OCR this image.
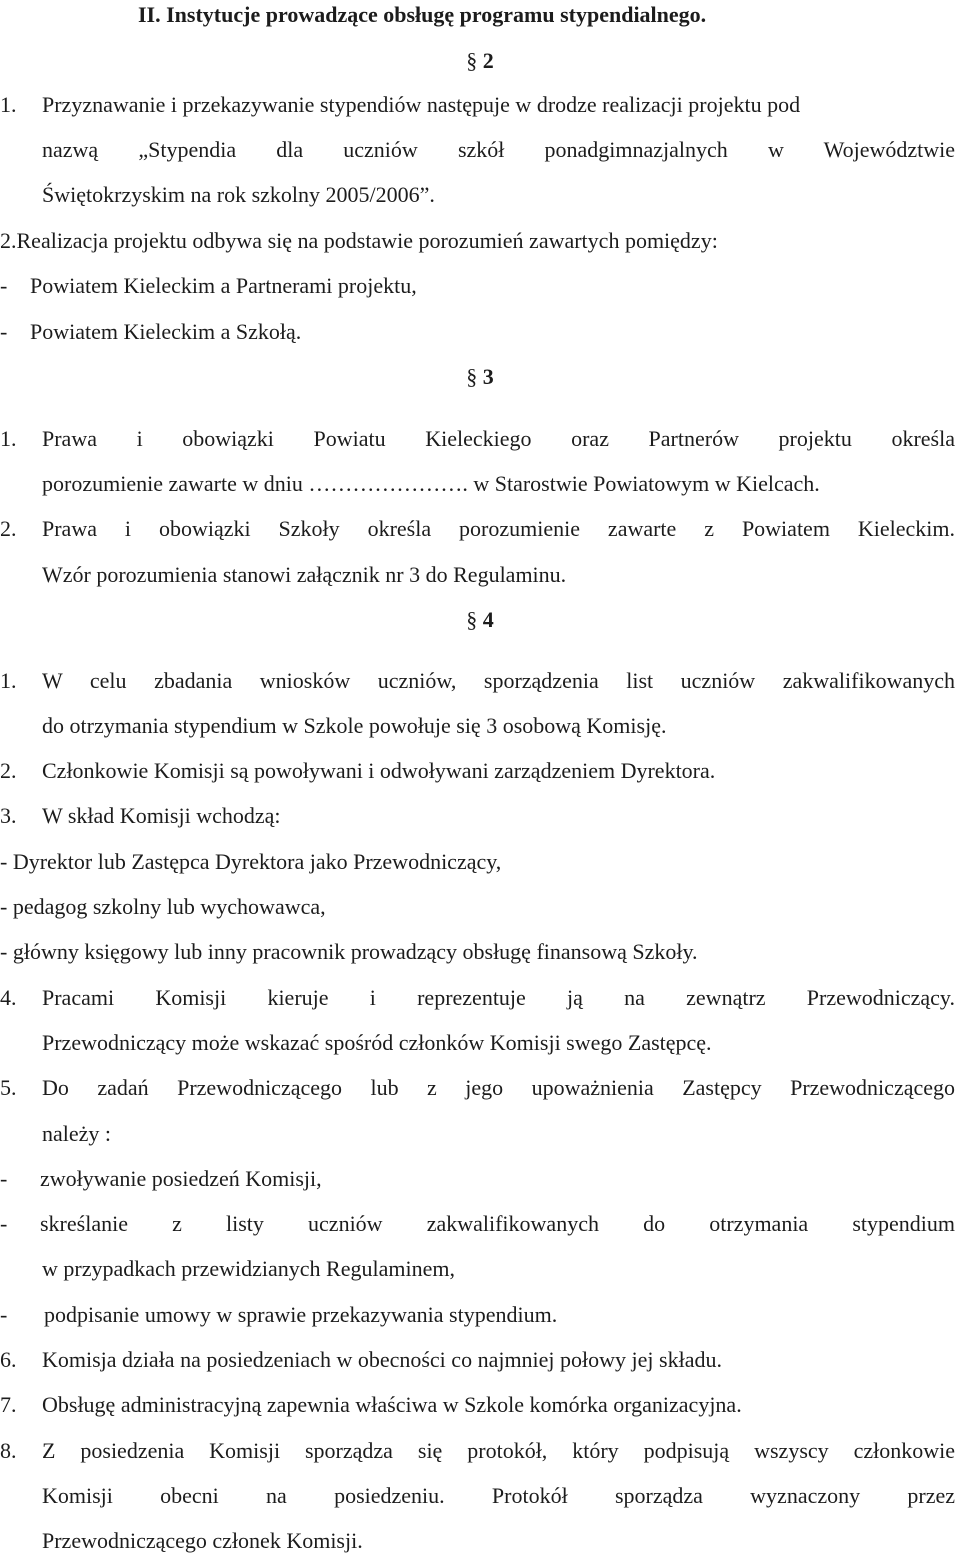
II. Instytucje prowadzące obsługę programu stypendialnego.
§ 2
1. Przyznawanie i przekazywanie stypendiów następuje w drodze realizacji projektu pod
nazwą „Stypendia dla uczniów szkół ponadgimnazjalnych w Województwie
Świętokrzyskim na rok szkolny 2005/2006”.
2.Realizacja projektu odbywa się na podstawie porozumień zawartych pomiędzy:
- Powiatem Kieleckim a Partnerami projektu,
- Powiatem Kieleckim a Szkołą.
§ 3
1. Prawa i obowiązki Powiatu Kieleckiego oraz Partnerów projektu określa
porozumienie zawarte w dniu …………………. w Starostwie Powiatowym w Kielcach.
2. Prawa i obowiązki Szkoły określa porozumienie zawarte z Powiatem Kieleckim.
Wzór porozumienia stanowi załącznik nr 3 do Regulaminu.
§ 4
1. W celu zbadania wniosków uczniów, sporządzenia list uczniów zakwalifikowanych
do otrzymania stypendium w Szkole powołuje się 3 osobową Komisję.
2. Członkowie Komisji są powoływani i odwoływani zarządzeniem Dyrektora.
3. W skład Komisji wchodzą:
- Dyrektor lub Zastępca Dyrektora jako Przewodniczący,
- pedagog szkolny lub wychowawca,
- główny księgowy lub inny pracownik prowadzący obsługę finansową Szkoły.
4. Pracami Komisji kieruje i reprezentuje ją na zewnątrz Przewodniczący.
Przewodniczący może wskazać spośród członków Komisji swego Zastępcę.
5. Do zadań Przewodniczącego lub z jego upoważnienia Zastępcy Przewodniczącego
należy :
- zwoływanie posiedzeń Komisji,
- skreślanie z listy uczniów zakwalifikowanych do otrzymania stypendium
w przypadkach przewidzianych Regulaminem,
- podpisanie umowy w sprawie przekazywania stypendium.
6. Komisja działa na posiedzeniach w obecności co najmniej połowy jej składu.
7. Obsługę administracyjną zapewnia właściwa w Szkole komórka organizacyjna.
8. Z posiedzenia Komisji sporządza się protokół, który podpisują wszyscy członkowie
Komisji obecni na posiedzeniu. Protokół sporządza wyznaczony przez
Przewodniczącego członek Komisji.
